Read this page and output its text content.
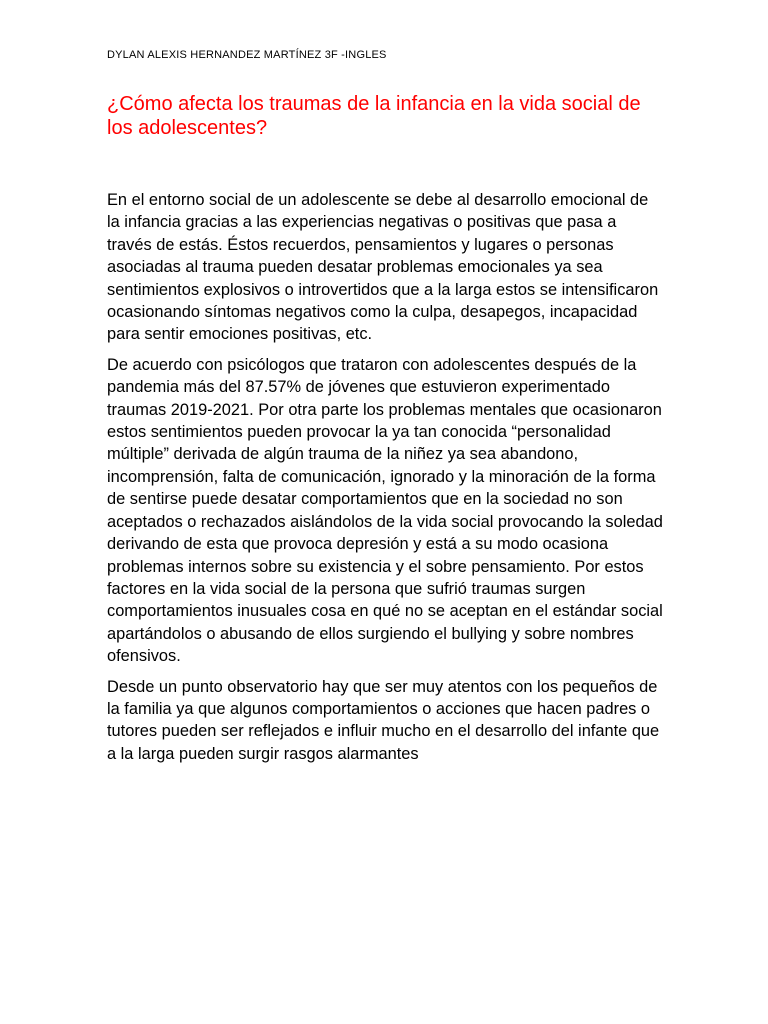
DYLAN ALEXIS HERNANDEZ MARTÍNEZ 3F -INGLES
¿Cómo afecta los traumas de la infancia en la vida social de los adolescentes?

En el entorno social de un adolescente se debe al desarrollo emocional de la infancia gracias a las experiencias negativas o positivas que pasa a través de estás. Éstos recuerdos, pensamientos y lugares o personas asociadas al trauma pueden desatar problemas emocionales ya sea sentimientos explosivos o introvertidos que a la larga estos se intensificaron ocasionando síntomas negativos como la culpa, desapegos, incapacidad para sentir emociones positivas, etc.

De acuerdo con psicólogos que trataron con adolescentes después de la pandemia más del 87.57% de jóvenes que estuvieron experimentado traumas 2019-2021. Por otra parte los problemas mentales que ocasionaron estos sentimientos pueden provocar la ya tan conocida “personalidad múltiple” derivada de algún trauma de la niñez ya sea abandono, incomprensión, falta de comunicación, ignorado y la minoración de la forma de sentirse puede desatar comportamientos que en la sociedad no son aceptados o rechazados aislándolos de la vida social provocando la soledad derivando de esta que provoca depresión y está a su modo ocasiona problemas internos sobre su existencia y el sobre pensamiento. Por estos factores en la vida social de la persona que sufrió traumas surgen comportamientos inusuales cosa en qué no se aceptan en el estándar social apartándolos o abusando de ellos surgiendo el bullying y sobre nombres ofensivos.

Desde un punto observatorio hay que ser muy atentos con los pequeños de la familia ya que algunos comportamientos o acciones que hacen padres o tutores pueden ser reflejados e influir mucho en el desarrollo del infante que a la larga pueden surgir rasgos alarmantes
